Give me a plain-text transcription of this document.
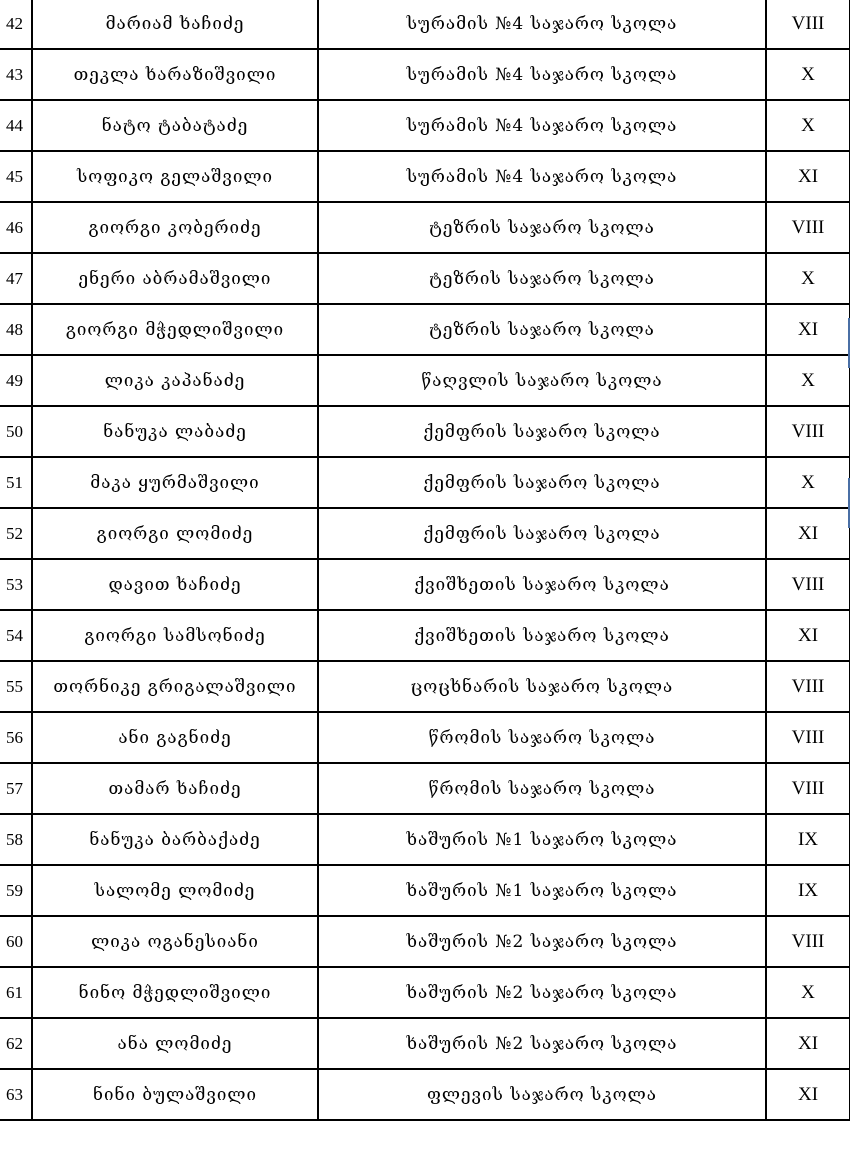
42	მარიამ ხაჩიძე	სურამის №4 საჯარო სკოლა	VIII
43	თეკლა ხარაზიშვილი	სურამის №4 საჯარო სკოლა	X
44	ნატო ტაბატაძე	სურამის №4 საჯარო სკოლა	X
45	სოფიკო გელაშვილი	სურამის №4 საჯარო სკოლა	XI
46	გიორგი კობერიძე	ტეზრის საჯარო სკოლა	VIII
47	ენერი აბრამაშვილი	ტეზრის საჯარო სკოლა	X
48	გიორგი მჭედლიშვილი	ტეზრის საჯარო სკოლა	XI
49	ლიკა კაპანაძე	წაღვლის საჯარო სკოლა	X
50	ნანუკა ლაბაძე	ქემფრის საჯარო სკოლა	VIII
51	მაკა ყურმაშვილი	ქემფრის საჯარო სკოლა	X
52	გიორგი ლომიძე	ქემფრის საჯარო სკოლა	XI
53	დავით ხაჩიძე	ქვიშხეთის საჯარო სკოლა	VIII
54	გიორგი სამსონიძე	ქვიშხეთის საჯარო სკოლა	XI
55	თორნიკე გრიგალაშვილი	ცოცხნარის საჯარო სკოლა	VIII
56	ანი გაგნიძე	წრომის საჯარო სკოლა	VIII
57	თამარ ხაჩიძე	წრომის საჯარო სკოლა	VIII
58	ნანუკა ბარბაქაძე	ხაშურის №1 საჯარო სკოლა	IX
59	სალომე ლომიძე	ხაშურის №1 საჯარო სკოლა	IX
60	ლიკა ოგანესიანი	ხაშურის №2 საჯარო სკოლა	VIII
61	ნინო მჭედლიშვილი	ხაშურის №2 საჯარო სკოლა	X
62	ანა ლომიძე	ხაშურის №2 საჯარო სკოლა	XI
63	ნინი ბულაშვილი	ფლევის საჯარო სკოლა	XI
